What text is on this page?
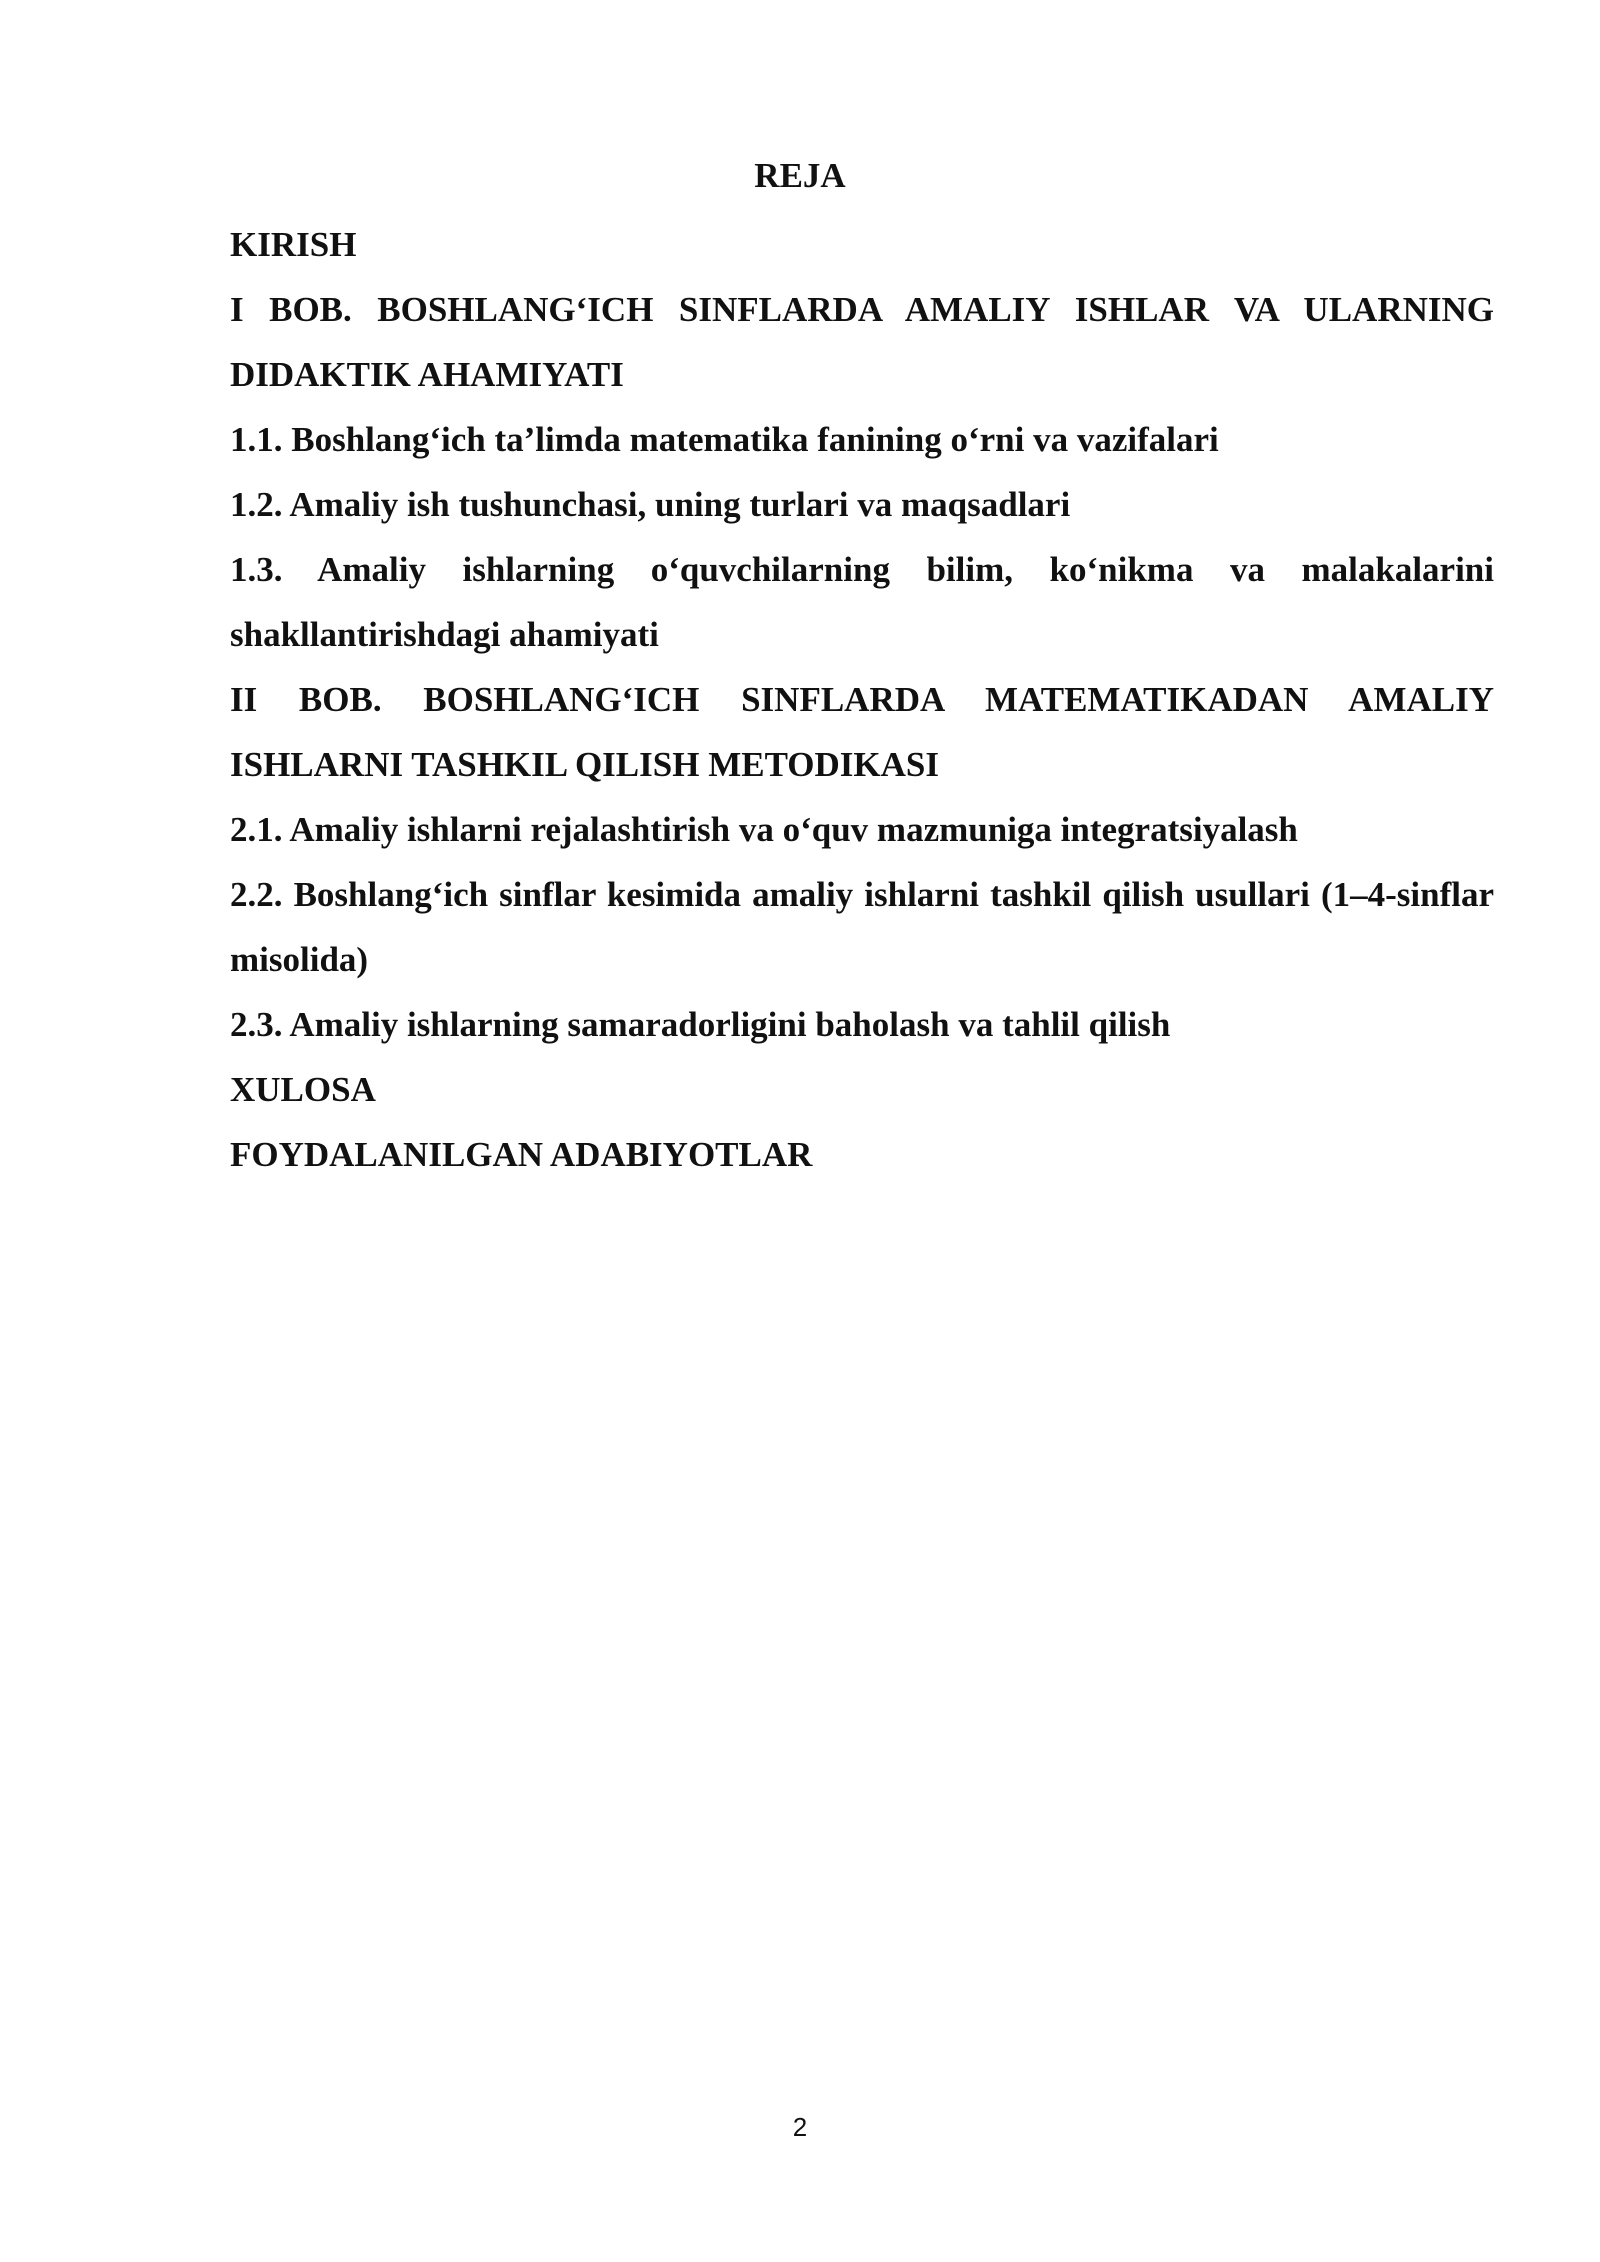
REJA
KIRISH
I BOB. BOSHLANG‘ICH SINFLARDA AMALIY ISHLAR VA ULARNING DIDAKTIK AHAMIYATI
1.1. Boshlang‘ich ta’limda matematika fanining o‘rni va vazifalari
1.2. Amaliy ish tushunchasi, uning turlari va maqsadlari
1.3. Amaliy ishlarning o‘quvchilarning bilim, ko‘nikma va malakalarini shakllantirishdagi ahamiyati
II BOB. BOSHLANG‘ICH SINFLARDA MATEMATIKADAN AMALIY ISHLARNI TASHKIL QILISH METODIKASI
2.1. Amaliy ishlarni rejalashtirish va o‘quv mazmuniga integratsiyalash
2.2. Boshlang‘ich sinflar kesimida amaliy ishlarni tashkil qilish usullari (1–4-sinflar misolida)
2.3. Amaliy ishlarning samaradorligini baholash va tahlil qilish
XULOSA
FOYDALANILGAN ADABIYOTLAR
2
